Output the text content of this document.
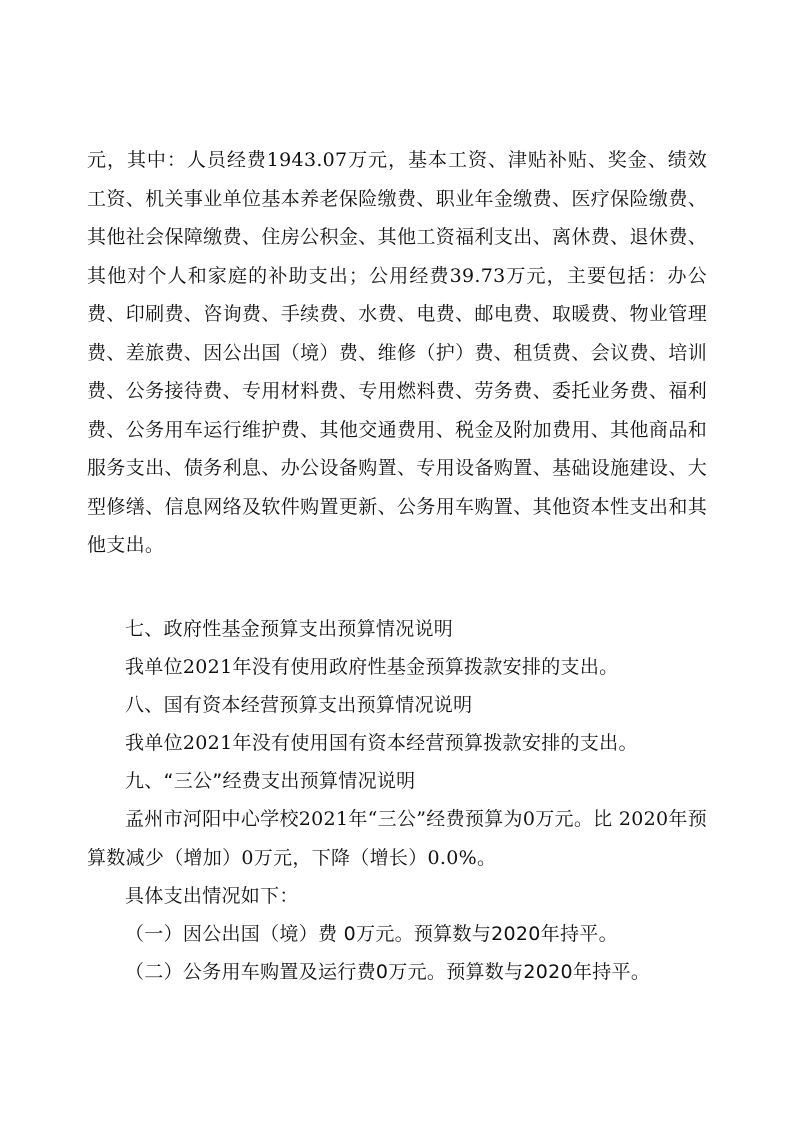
元，其中：人员经费1943.07万元，基本工资、津贴补贴、奖金、绩效工资、机关事业单位基本养老保险缴费、职业年金缴费、医疗保险缴费、其他社会保障缴费、住房公积金、其他工资福利支出、离休费、退休费、其他对个人和家庭的补助支出；公用经费39.73万元，主要包括：办公费、印刷费、咨询费、手续费、水费、电费、邮电费、取暖费、物业管理费、差旅费、因公出国（境）费、维修（护）费、租赁费、会议费、培训费、公务接待费、专用材料费、专用燃料费、劳务费、委托业务费、福利费、公务用车运行维护费、其他交通费用、税金及附加费用、其他商品和服务支出、债务利息、办公设备购置、专用设备购置、基础设施建设、大型修缮、信息网络及软件购置更新、公务用车购置、其他资本性支出和其他支出。

七、政府性基金预算支出预算情况说明

我单位2021年没有使用政府性基金预算拨款安排的支出。

八、国有资本经营预算支出预算情况说明

我单位2021年没有使用国有资本经营预算拨款安排的支出。

九、“三公”经费支出预算情况说明

孟州市河阳中心学校2021年“三公”经费预算为0万元。比 2020年预算数减少（增加）0万元，下降（增长）0.0%。

具体支出情况如下：

（一）因公出国（境）费 0万元。预算数与2020年持平。

（二）公务用车购置及运行费0万元。预算数与2020年持平。
